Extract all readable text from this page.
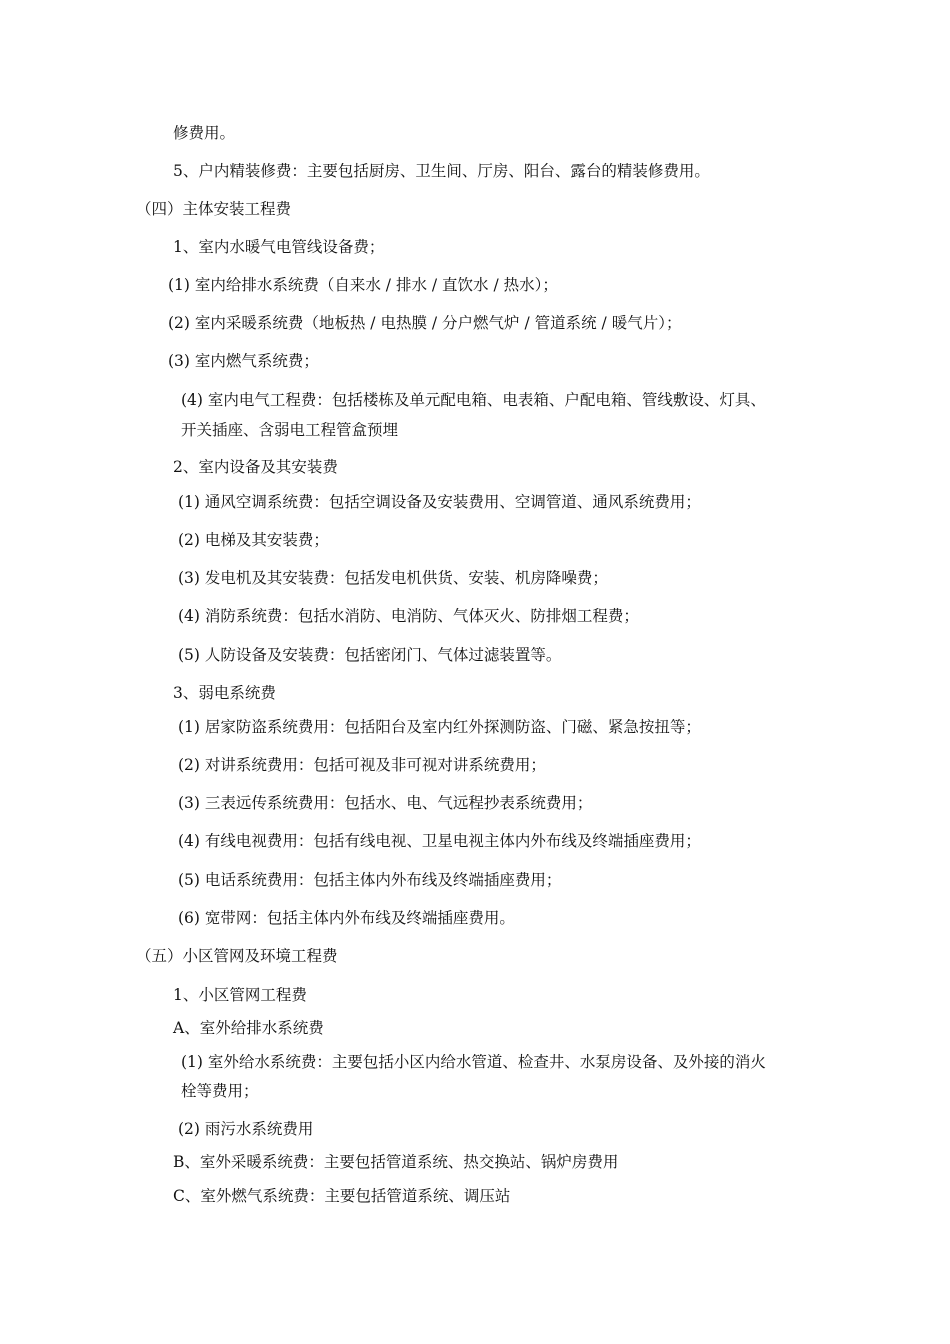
修费用。

5、户内精装修费：主要包括厨房、卫生间、厅房、阳台、露台的精装修费用。

（四）主体安装工程费

1、室内水暖气电管线设备费；

(1) 室内给排水系统费（自来水 / 排水 / 直饮水 / 热水）；

(2) 室内采暖系统费（地板热 / 电热膜 / 分户燃气炉 / 管道系统 / 暖气片）；

(3) 室内燃气系统费；

(4) 室内电气工程费：包括楼栋及单元配电箱、电表箱、户配电箱、管线敷设、灯具、

开关插座、含弱电工程管盒预埋

2、室内设备及其安装费

(1) 通风空调系统费：包括空调设备及安装费用、空调管道、通风系统费用；

(2) 电梯及其安装费；

(3) 发电机及其安装费：包括发电机供货、安装、机房降噪费；

(4) 消防系统费：包括水消防、电消防、气体灭火、防排烟工程费；

(5) 人防设备及安装费：包括密闭门、气体过滤装置等。

3、弱电系统费

(1) 居家防盗系统费用：包括阳台及室内红外探测防盗、门磁、紧急按扭等；

(2) 对讲系统费用：包括可视及非可视对讲系统费用；

(3) 三表远传系统费用：包括水、电、气远程抄表系统费用；

(4) 有线电视费用：包括有线电视、卫星电视主体内外布线及终端插座费用；

(5) 电话系统费用：包括主体内外布线及终端插座费用；

(6) 宽带网：包括主体内外布线及终端插座费用。

（五）小区管网及环境工程费

1、小区管网工程费

A、室外给排水系统费

(1) 室外给水系统费：主要包括小区内给水管道、检查井、水泵房设备、及外接的消火

栓等费用；

(2) 雨污水系统费用

B、室外采暖系统费：主要包括管道系统、热交换站、锅炉房费用

C、室外燃气系统费：主要包括管道系统、调压站
